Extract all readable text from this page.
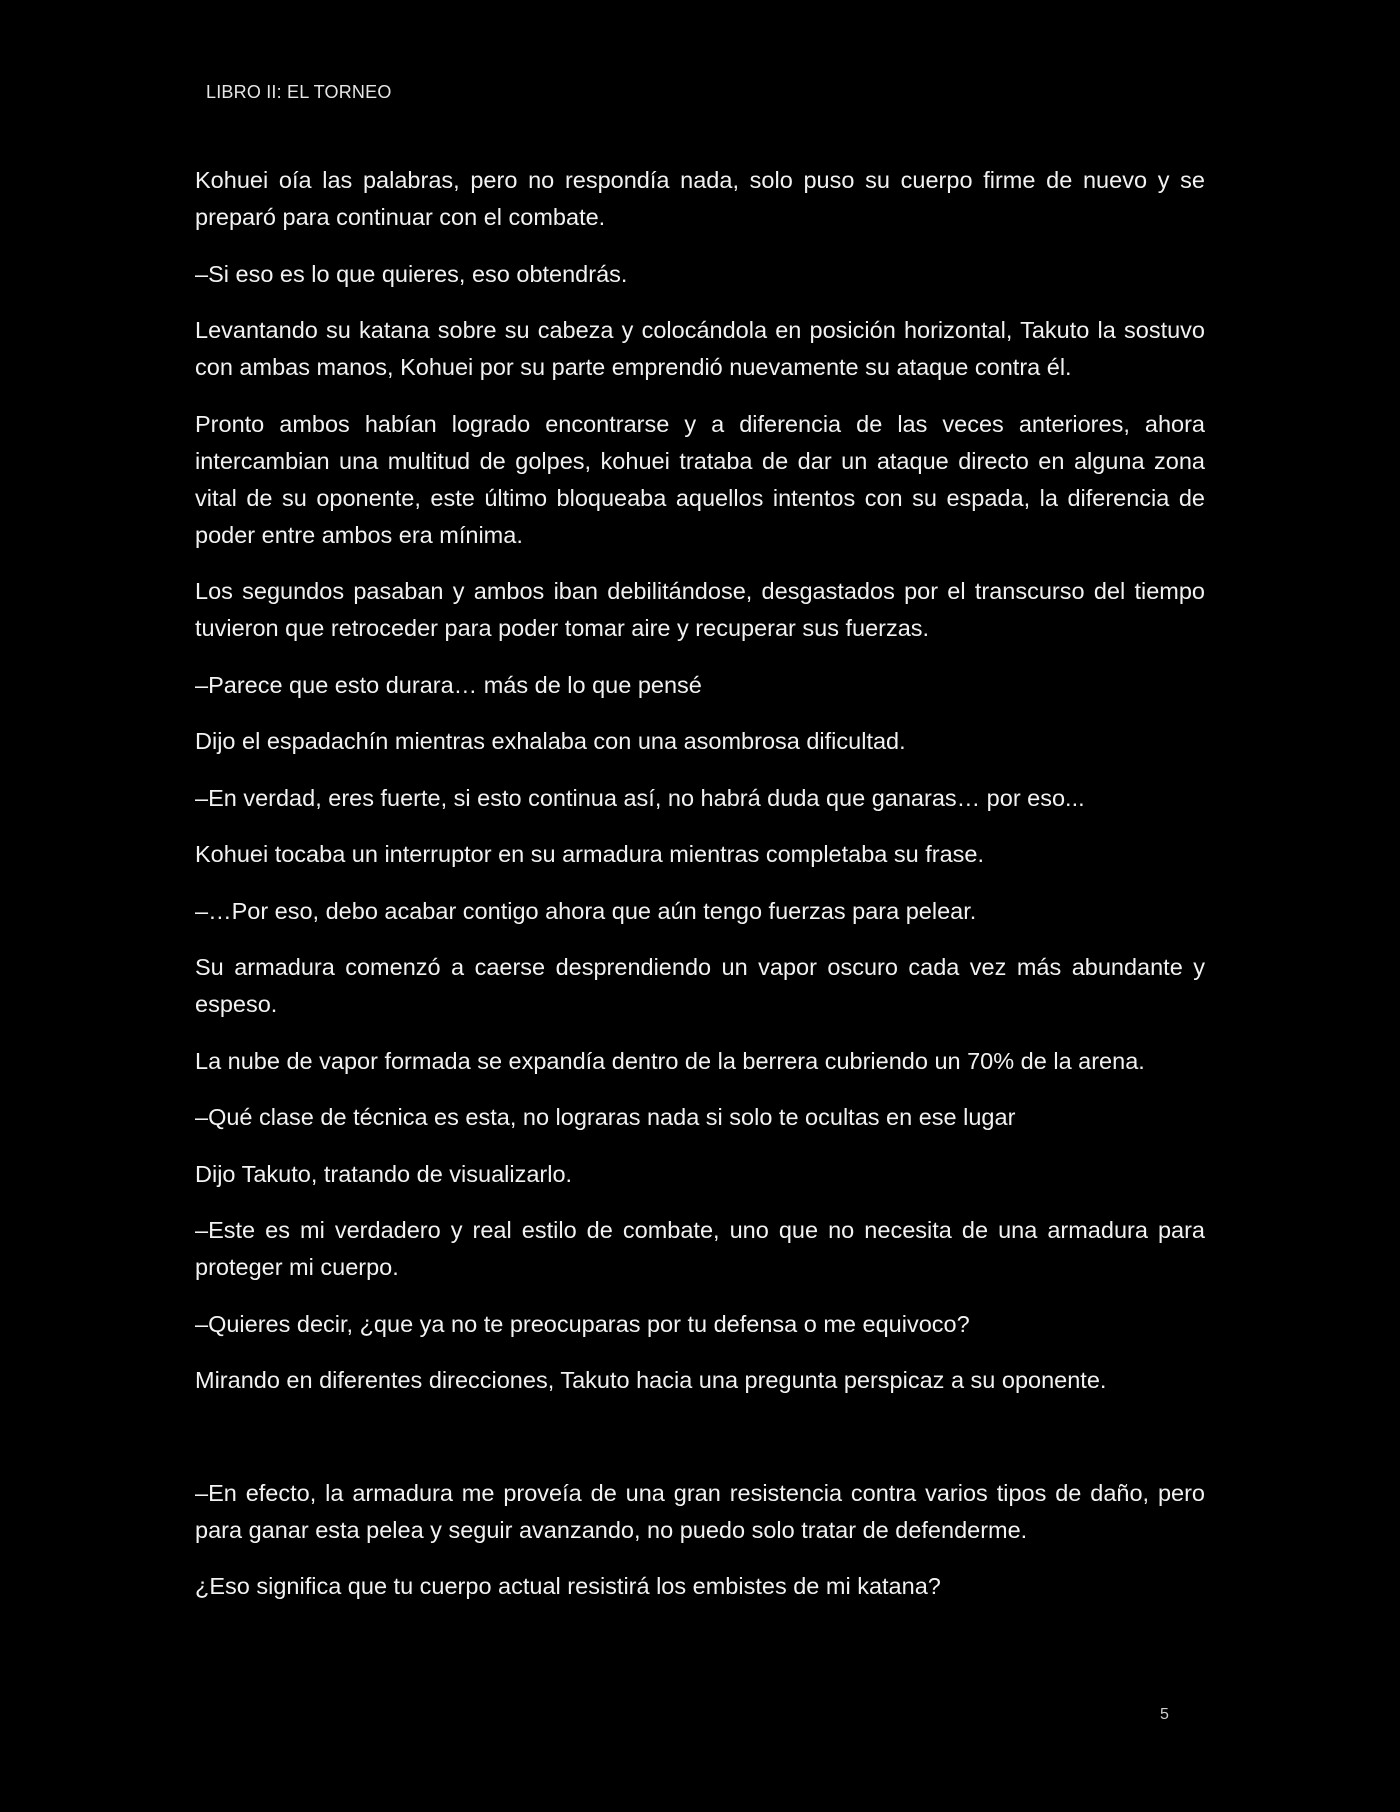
LIBRO II: EL TORNEO

Kohuei oía las palabras, pero no respondía nada, solo puso su cuerpo firme de nuevo y se preparó para continuar con el combate.

–Si eso es lo que quieres, eso obtendrás.

Levantando su katana sobre su cabeza y colocándola en posición horizontal, Takuto la sostuvo con ambas manos, Kohuei por su parte emprendió nuevamente su ataque contra él.

Pronto ambos habían logrado encontrarse y a diferencia de las veces anteriores, ahora intercambian una multitud de golpes, kohuei trataba de dar un ataque directo en alguna zona vital de su oponente, este último bloqueaba aquellos intentos con su espada, la diferencia de poder entre ambos era mínima.

Los segundos pasaban y ambos iban debilitándose, desgastados por el transcurso del tiempo tuvieron que retroceder para poder tomar aire y recuperar sus fuerzas.

–Parece que esto durara… más de lo que pensé

Dijo el espadachín mientras exhalaba con una asombrosa dificultad.

–En verdad, eres fuerte, si esto continua así, no habrá duda que ganaras… por eso...

Kohuei tocaba un interruptor en su armadura mientras completaba su frase.

–…Por eso, debo acabar contigo ahora que aún tengo fuerzas para pelear.

Su armadura comenzó a caerse desprendiendo un vapor oscuro cada vez más abundante y espeso.

La nube de vapor formada se expandía dentro de la berrera cubriendo un 70% de la arena.

–Qué clase de técnica es esta, no lograras nada si solo te ocultas en ese lugar

Dijo Takuto, tratando de visualizarlo.

–Este es mi verdadero y real estilo de combate, uno que no necesita de una armadura para proteger mi cuerpo.

–Quieres decir, ¿que ya no te preocuparas por tu defensa o me equivoco?

Mirando en diferentes direcciones, Takuto hacia una pregunta perspicaz a su oponente.

–En efecto, la armadura me proveía de una gran resistencia contra varios tipos de daño, pero para ganar esta pelea y seguir avanzando, no puedo solo tratar de defenderme.

¿Eso significa que tu cuerpo actual resistirá los embistes de mi katana?

5
